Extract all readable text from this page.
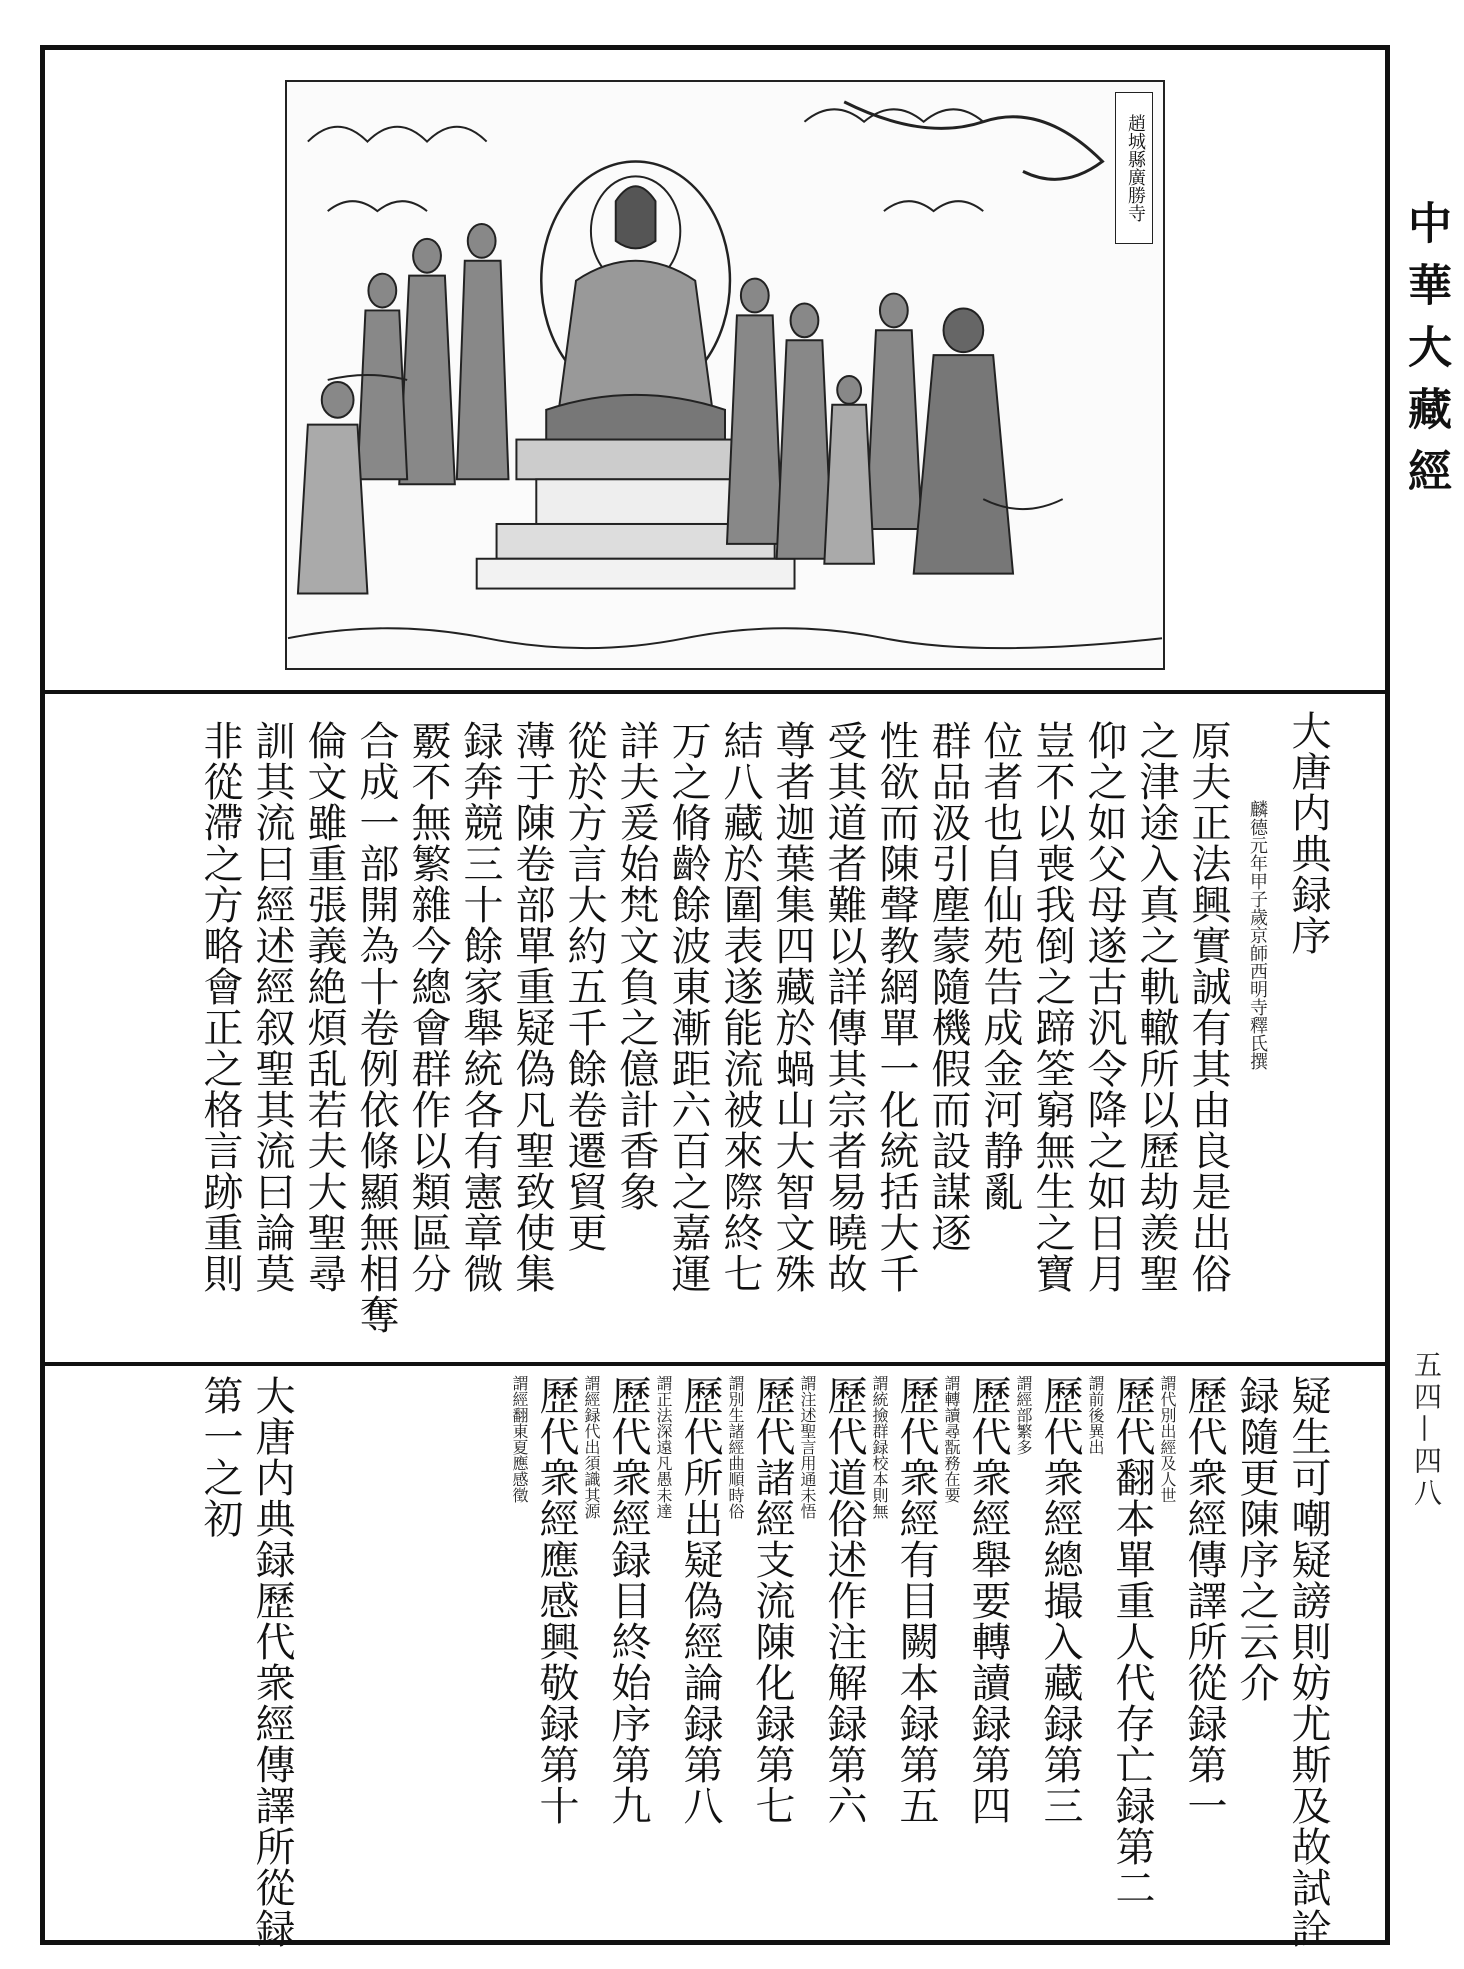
趙城縣廣勝寺
大唐内典録序
麟德元年甲子歲京師西明寺釋氏撰
原夫正法興實誠有其由良是出俗
之津途入真之軌轍所以歷劫羨聖
仰之如父母遂古汎令降之如日月
豈不以喪我倒之蹄筌窮無生之寶
位者也自仙苑告成金河静亂
群品汲引塵蒙隨機假而設謀逐
性欲而陳聲教網單一化統括大千
受其道者難以詳傳其宗者易曉故
尊者迦葉集四藏於蝸山大智文殊
結八藏於圍表遂能流被來際終七
万之脩齡餘波東漸距六百之嘉運
詳夫爰始梵文負之億計香象
從於方言大約五千餘卷遷貿更
薄于陳卷部單重疑偽凡聖致使集
録奔競三十餘家舉統各有憲章微
覈不無繁雜今總會群作以類區分
合成一部開為十卷例依條顯無相奪
倫文雖重張義絶煩乱若夫大聖尋
訓其流曰經述經叙聖其流曰論莫
非從滯之方略會正之格言跡重則
疑生可嘲疑謗則妨尤斯及故試詮
録隨更陳序之云介
歷代衆經傳譯所從録第一
謂代別出經及人世
歷代翻本單重人代存亡録第二
謂前後異出
歷代衆經總撮入藏録第三
謂經部繁多
歷代衆經舉要轉讀録第四
謂轉讀尋翫務在要
歷代衆經有目闕本録第五
謂統撿群録校本則無
歷代道俗述作注解録第六
謂注述聖言用通未悟
歷代諸經支流陳化録第七
謂別生諸經曲順時俗
歷代所出疑偽經論録第八
謂正法深遠凡愚未達
歷代衆經録目終始序第九
謂經録代出須識其源
歷代衆經應感興敬録第十
謂經翻東夏應感徵
大唐内典録歷代衆經傳譯所從録
第一之初
中華大藏經
五四—四八
